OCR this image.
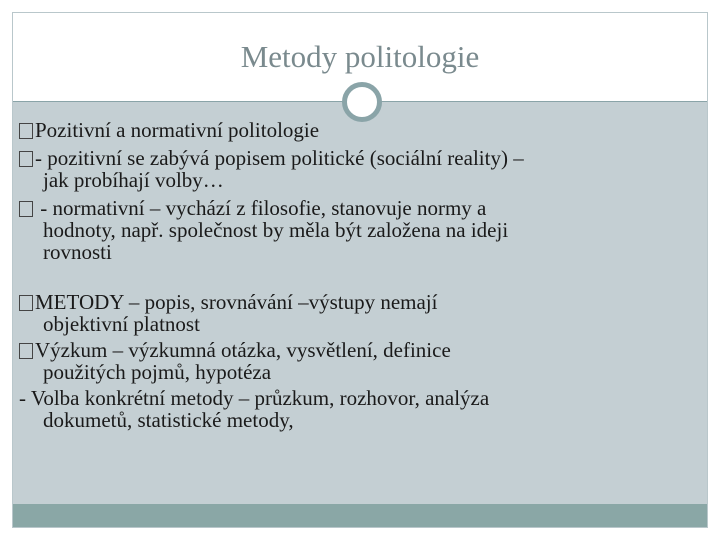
Metody politologie
Pozitivní a normativní politologie
- pozitivní se zabývá popisem politické (sociální reality) –
jak probíhají volby…
- normativní – vychází z filosofie, stanovuje normy a
hodnoty, např. společnost by měla být založena na ideji
rovnosti
METODY – popis, srovnávání –výstupy nemají
objektivní platnost
Výzkum – výzkumná otázka, vysvětlení, definice
použitých pojmů, hypotéza
- Volba konkrétní metody – průzkum, rozhovor, analýza
dokumetů, statistické metody,
